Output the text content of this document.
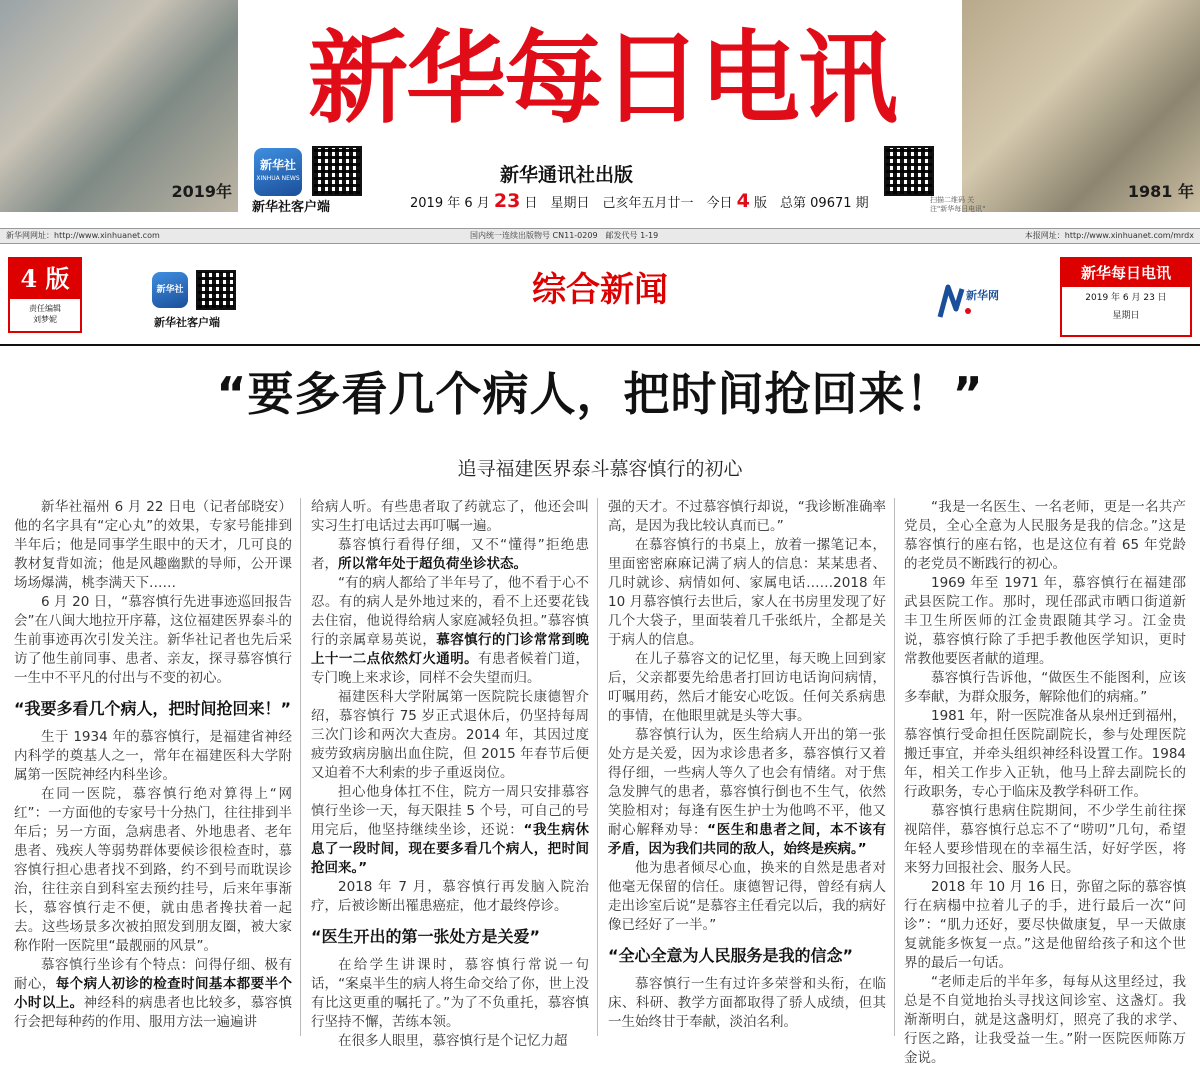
2019年	1981 年
新华每日电讯
新华社
XINHUA NEWS
新华社客户端
新华通讯社出版
2019 年 6 月 23 日　星期日　己亥年五月廿一　今日 4 版　总第 09671 期	扫描二维码 关注"新华每日电讯"
新华网网址：http://www.xinhuanet.com	国内统一连续出版物号 CN11-0209　邮发代号 1-19	本报网址：http://www.xinhuanet.com/mrdx
4 版
责任编辑
刘梦妮
新华社
新华社客户端
综合新闻	新华网
新华每日电讯
2019 年 6 月 23 日
星期日
“要多看几个病人，把时间抢回来！”
追寻福建医界泰斗慕容慎行的初心

新华社福州 6 月 22 日电（记者邰晓安）他的名字具有“定心丸”的效果，专家号能排到半年后；他是同事学生眼中的天才，几可良的教材复背如流；他是风趣幽默的导师，公开课场场爆满，桃李满天下……

6 月 20 日，“慕容慎行先进事迹巡回报告会”在八闽大地拉开序幕，这位福建医界泰斗的生前事迹再次引发关注。新华社记者也先后采访了他生前同事、患者、亲友，探寻慕容慎行一生中不平凡的付出与不变的初心。

“我要多看几个病人，把时间抢回来！”

生于 1934 年的慕容慎行，是福建省神经内科学的奠基人之一，常年在福建医科大学附属第一医院神经内科坐诊。

在同一医院，慕容慎行绝对算得上“网红”：一方面他的专家号十分热门，往往排到半年后；另一方面，急病患者、外地患者、老年患者、残疾人等弱势群体要候诊很检查时，慕容慎行担心患者找不到路，约不到号而耽误诊治，往往亲自到科室去预约挂号，后来年事渐长，慕容慎行走不便，就由患者搀扶着一起去。这些场景多次被拍照发到朋友圈，被大家称作附一医院里“最靓丽的风景”。

慕容慎行坐诊有个特点：问得仔细、极有耐心，每个病人初诊的检查时间基本都要半个小时以上。神经科的病患者也比较多，慕容慎行会把每种药的作用、服用方法一遍遍讲

给病人听。有些患者取了药就忘了，他还会叫实习生打电话过去再叮嘱一遍。

慕容慎行看得仔细，又不“懂得”拒绝患者，所以常年处于超负荷坐诊状态。

“有的病人都给了半年号了，他不看于心不忍。有的病人是外地过来的，看不上还要花钱去住宿，他说得给病人家庭减轻负担。”慕容慎行的亲属章易英说，慕容慎行的门诊常常到晚上十一二点依然灯火通明。有患者候着门道，专门晚上来求诊，同样不会失望而归。

福建医科大学附属第一医院院长康德智介绍，慕容慎行 75 岁正式退休后，仍坚持每周三次门诊和两次大查房。2014 年，其因过度疲劳致病房脑出血住院，但 2015 年春节后便又迫着不大利索的步子重返岗位。

担心他身体扛不住，院方一周只安排慕容慎行坐诊一天，每天限挂 5 个号，可自己的号用完后，他坚持继续坐诊，还说：“我生病休息了一段时间，现在要多看几个病人，把时间抢回来。”

2018 年 7 月，慕容慎行再发脑入院治疗，后被诊断出罹患癌症，他才最终停诊。

“医生开出的第一张处方是关爱”

在给学生讲课时，慕容慎行常说一句话，“案桌半生的病人将生命交给了你，世上没有比这更重的嘱托了。”为了不负重托，慕容慎行坚持不懈，苦练本领。

在很多人眼里，慕容慎行是个记忆力超

强的天才。不过慕容慎行却说，“我诊断准确率高，是因为我比较认真而已。”

在慕容慎行的书桌上，放着一摞笔记本，里面密密麻麻记满了病人的信息：某某患者、几时就诊、病情如何、家属电话……2018 年 10 月慕容慎行去世后，家人在书房里发现了好几个大袋子，里面装着几千张纸片，全都是关于病人的信息。

在儿子慕容文的记忆里，每天晚上回到家后，父亲都要先给患者打回访电话询问病情，叮嘱用药，然后才能安心吃饭。任何关系病患的事情，在他眼里就是头等大事。

慕容慎行认为，医生给病人开出的第一张处方是关爱，因为求诊患者多，慕容慎行又着得仔细，一些病人等久了也会有情绪。对于焦急发脾气的患者，慕容慎行倒也不生气，依然笑脸相对；每逢有医生护士为他鸣不平，他又耐心解释劝导：“医生和患者之间，本不该有矛盾，因为我们共同的敌人，始终是疾病。”

他为患者倾尽心血，换来的自然是患者对他毫无保留的信任。康德智记得，曾经有病人走出诊室后说“是慕容主任看完以后，我的病好像已经好了一半。”

“全心全意为人民服务是我的信念”

慕容慎行一生有过许多荣誉和头衔，在临床、科研、教学方面都取得了骄人成绩，但其一生始终甘于奉献，淡泊名利。

“我是一名医生、一名老师，更是一名共产党员，全心全意为人民服务是我的信念。”这是慕容慎行的座右铭，也是这位有着 65 年党龄的老党员不断践行的初心。

1969 年至 1971 年，慕容慎行在福建邵武县医院工作。那时，现任邵武市晒口街道新丰卫生所医师的江金贵跟随其学习。江金贵说，慕容慎行除了手把手教他医学知识，更时常教他要医者献的道理。

慕容慎行告诉他，“做医生不能图利，应该多奉献，为群众服务，解除他们的病痛。”

1981 年，附一医院准备从泉州迁到福州，慕容慎行受命担任医院副院长，参与处理医院搬迁事宜，并牵头组织神经科设置工作。1984 年，相关工作步入正轨，他马上辞去副院长的行政职务，专心于临床及教学科研工作。

慕容慎行患病住院期间，不少学生前往探视陪伴，慕容慎行总忘不了“唠叨”几句，希望年轻人要珍惜现在的幸福生活，好好学医，将来努力回报社会、服务人民。

2018 年 10 月 16 日，弥留之际的慕容慎行在病榻中拉着儿子的手，进行最后一次“问诊”：“肌力还好，要尽快做康复，早一天做康复就能多恢复一点。”这是他留给孩子和这个世界的最后一句话。

“老师走后的半年多，每每从这里经过，我总是不自觉地抬头寻找这间诊室、这盏灯。我渐渐明白，就是这盏明灯，照亮了我的求学、行医之路，让我受益一生。”附一医院医师陈万金说。
